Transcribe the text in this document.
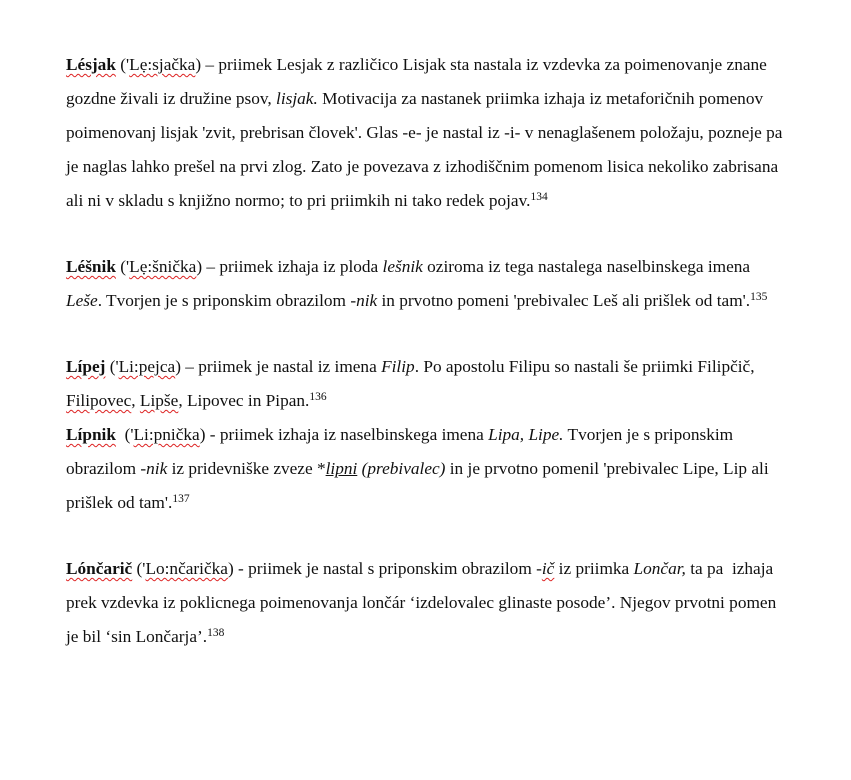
Lésjak ('Lẹ:sjačka) – priimek Lesjak z različico Lisjak sta nastala iz vzdevka za poimenovanje znane gozdne živali iz družine psov, lisjak. Motivacija za nastanek priimka izhaja iz metaforičnih pomenov poimenovanj lisjak 'zvit, prebrisan človek'. Glas -e- je nastal iz -i- v nenaglašenem položaju, pozneje pa je naglas lahko prešel na prvi zlog. Zato je povezava z izhodiščnim pomenom lisica nekoliko zabrisana ali ni v skladu s knjižno normo; to pri priimkih ni tako redek pojav.$^{134}$

Léšnik ('Lẹ:šnička) – priimek izhaja iz ploda lešnik oziroma iz tega nastalega naselbinskega imena Leše. Tvorjen je s priponskim obrazilom -nik in prvotno pomeni 'prebivalec Leš ali prišlek od tam'.$^{135}$

Lípej ('Li:pejca) – priimek je nastal iz imena Filip. Po apostolu Filipu so nastali še priimki Filipčič, Filipovec, Lipše, Lipovec in Pipan.$^{136}$

Lípnik  ('Li:pnička) - priimek izhaja iz naselbinskega imena Lipa, Lipe. Tvorjen je s priponskim obrazilom -nik iz pridevniške zveze *lipni (prebivalec) in je prvotno pomenil 'prebivalec Lipe, Lip ali prišlek od tam'.$^{137}$

Lónčarič ('Lo:nčarička) - priimek je nastal s priponskim obrazilom -ič iz priimka Lončar, ta pa  izhaja prek vzdevka iz poklicnega poimenovanja lončár ‘izdelovalec glinaste posode’. Njegov prvotni pomen je bil ‘sin Lončarja’.$^{138}$
